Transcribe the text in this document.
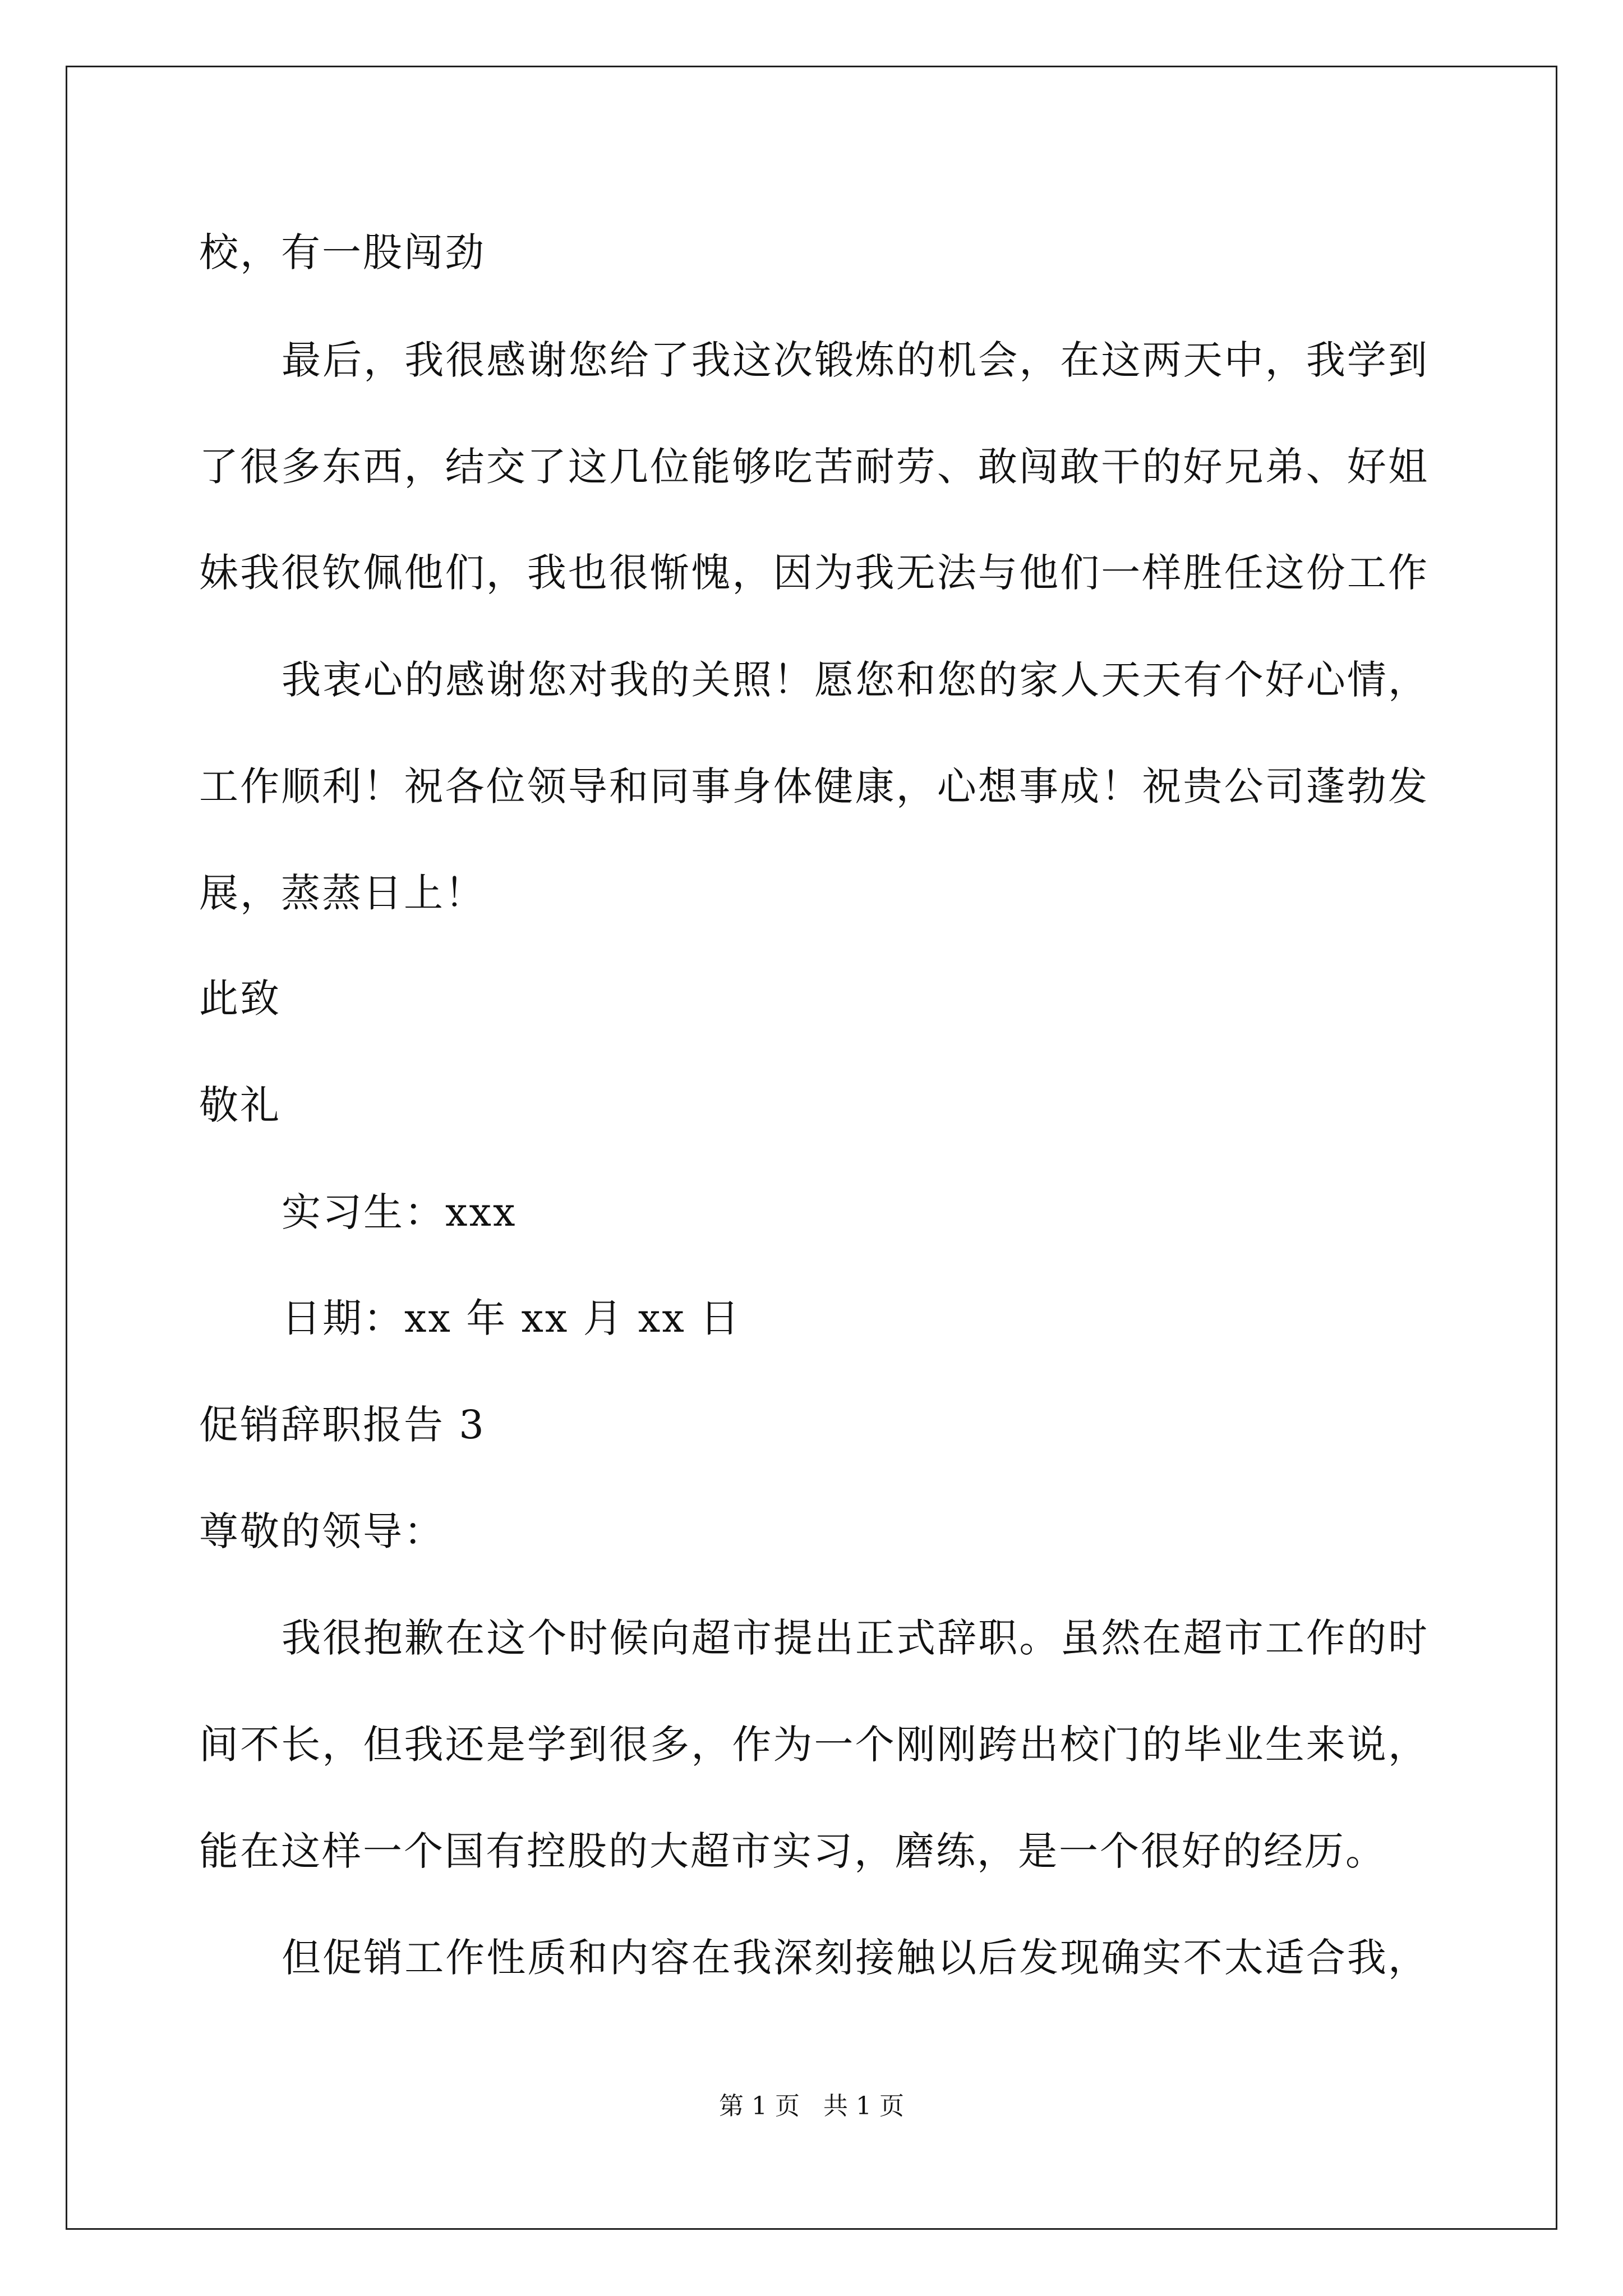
校，有一股闯劲
最后，我很感谢您给了我这次锻炼的机会，在这两天中，我学到
了很多东西，结交了这几位能够吃苦耐劳、敢闯敢干的好兄弟、好姐
妹我很钦佩他们，我也很惭愧，因为我无法与他们一样胜任这份工作
我衷心的感谢您对我的关照！愿您和您的家人天天有个好心情，
工作顺利！祝各位领导和同事身体健康，心想事成！祝贵公司蓬勃发
展，蒸蒸日上！
此致
敬礼
实习生：xxx
日期：xx 年 xx 月 xx 日
促销辞职报告 3
尊敬的领导：
我很抱歉在这个时候向超市提出正式辞职。虽然在超市工作的时
间不长，但我还是学到很多，作为一个刚刚跨出校门的毕业生来说，
能在这样一个国有控股的大超市实习，磨练，是一个很好的经历。
但促销工作性质和内容在我深刻接触以后发现确实不太适合我，
第 1 页   共 1 页
